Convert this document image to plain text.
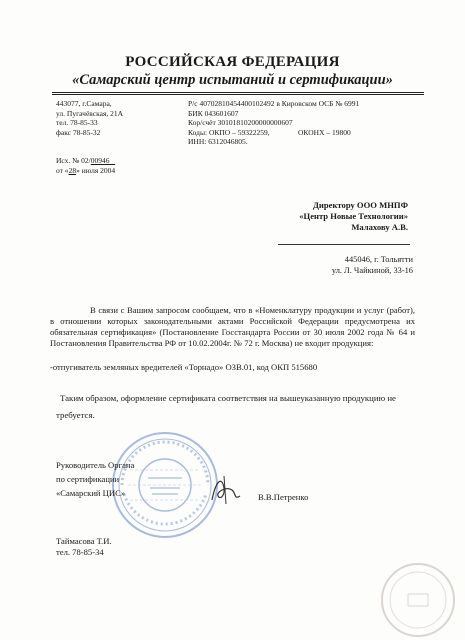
РОССИЙСКАЯ ФЕДЕРАЦИЯ
«Самарский центр испытаний и сертификации»
443077, г.Самара,
ул. Пугачёвская, 21А
тел. 78-85-33
факс 78-85-32
Р/с 40702810454400102492 в Кировском ОСБ № 6991
БИК 043601607
Кор/счёт 30101810200000000607
Коды: ОКПО – 59322259,	ОКОНХ – 19800
ИНН: 6312046805.
Исх. № 02/00946
от «28» июля 2004
Директору ООО МНПФ
«Центр Новые Технологии»
Малахову А.В.
445046, г. Тольятти
ул. Л. Чайкиной, 33-16

В связи с Вашим запросом сообщаем, что в «Номенклатуру продукции и услуг (работ), в отношении которых законодательными актами Российской Федерации предусмотрена их обязательная сертификация» (Постановление Госстандарта России от 30 июля 2002 года № 64 и Постановления Правительства РФ от 10.02.2004г. № 72 г. Москва) не входит продукция:

-отпугиватель земляных вредителей «Торнадо» ОЗВ.01, код ОКП 515680
Таким образом, оформление сертификата соответствия на вышеуказанную продукцию не требуется.
Руководитель Органа
по сертификации
«Самарский ЦИС»	В.В.Петренко
Таймасова Т.И.
тел. 78-85-34
